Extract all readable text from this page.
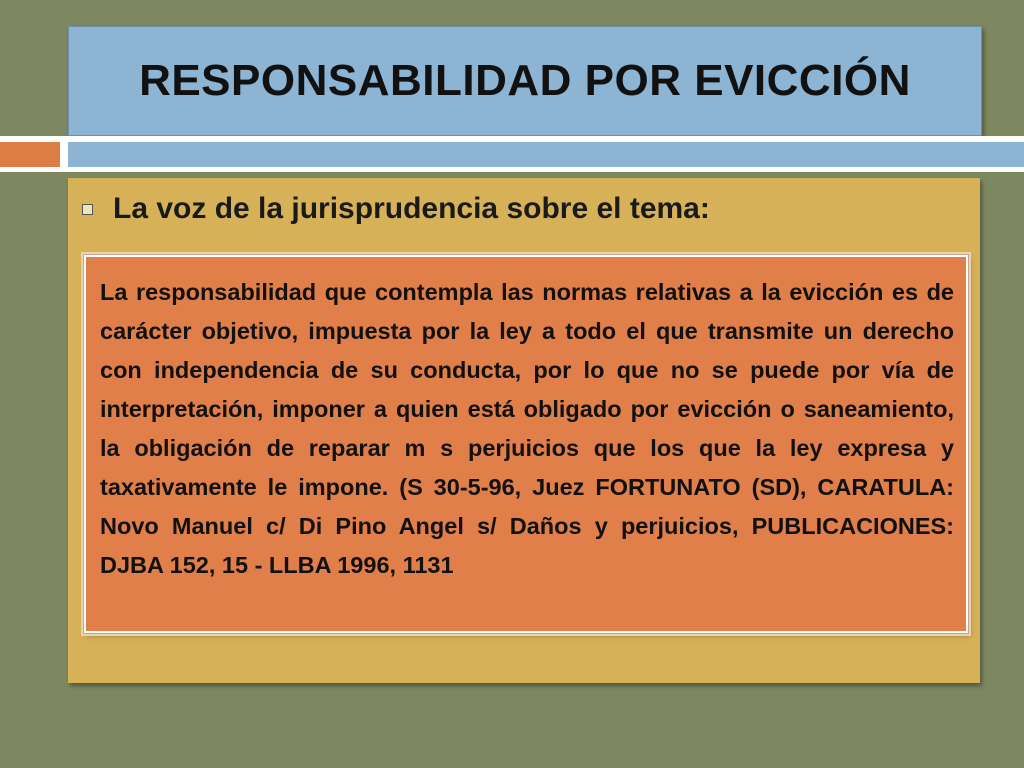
RESPONSABILIDAD POR EVICCIÓN
La voz de la jurisprudencia sobre el tema:

La responsabilidad que contempla las normas relativas a la evicción es de carácter objetivo, impuesta por la ley a todo el que transmite un derecho con independencia de su conducta, por lo que no se puede por vía de interpretación, imponer a quien está obligado por evicción o saneamiento, la obligación de reparar m s perjuicios que los que la ley expresa y taxativamente le impone. (S 30-5-96, Juez FORTUNATO (SD), CARATULA: Novo Manuel c/ Di Pino Angel s/ Daños y perjuicios, PUBLICACIONES: DJBA 152, 15 - LLBA 1996, 1131
